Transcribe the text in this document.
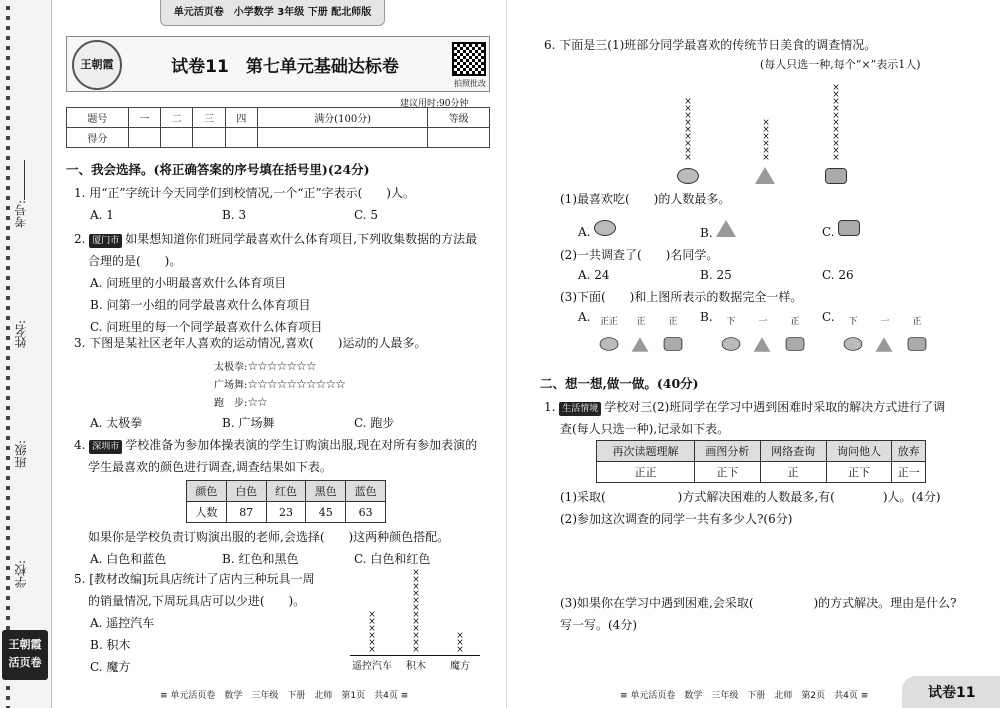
考号:
姓名:
班级:
学校:
王朝霞
活页卷
单元活页卷　小学数学 3年级 下册 配北师版
王朝霞	试卷11　第七单元基础达标卷
拍照批改
建议用时:90分钟
题号	一	二	三	四	满分(100分)	等级
得分						
一、我会选择。(将正确答案的序号填在括号里)(24分)
1. 用“正”字统计今天同学们到校情况,一个“正”字表示(　　)人。
A. 1	B. 3	C. 5
2. 厦门市 如果想知道你们班同学最喜欢什么体育项目,下列收集数据的方法最
合理的是(　　)。
A. 问班里的小明最喜欢什么体育项目
B. 问第一小组的同学最喜欢什么体育项目
C. 问班里的每一个同学最喜欢什么体育项目
3. 下图是某社区老年人喜欢的运动情况,喜欢(　　)运动的人最多。
太极拳:☆☆☆☆☆☆☆
广场舞:☆☆☆☆☆☆☆☆☆☆
跑　步:☆☆
A. 太极拳	B. 广场舞	C. 跑步
4. 深圳市 学校准备为参加体操表演的学生订购演出服,现在对所有参加表演的
学生最喜欢的颜色进行调查,调查结果如下表。
颜色	白色	红色	黑色	蓝色
人数	87	23	45	63
如果你是学校负责订购演出服的老师,会选择(　　)这两种颜色搭配。
A. 白色和蓝色	B. 红色和黑色	C. 白色和红色
5. [教材改编]玩具店统计了店内三种玩具一周
的销量情况,下周玩具店可以少进(　　)。
A. 遥控汽车
B. 积木
C. 魔方
×
×
×
×
×
×

遥控汽车
×
×
×
×
×
×
×
×
×
×
×
×

积木
×
×
×

魔方
≡ 单元活页卷　数学　三年级　下册　北师　第1页　共4页 ≡
6. 下面是三(1)班部分同学最喜欢的传统节日美食的调查情况。
(每人只选一种,每个“×”表示1人)
×
×
×
×
×
×
×
×
×

×
×
×
×
×
×

×
×
×
×
×
×
×
×
×
×
×

(1)最喜欢吃(　　)的人数最多。
A.	B.	C.
(2)一共调查了(　　)名同学。
A. 24	B. 25	C. 26
(3)下面(　　)和上图所表示的数据完全一样。
A.	正正	正	正	B.	下	一	正	C.	下	一	正
二、想一想,做一做。(40分)
1. 生活情境 学校对三(2)班同学在学习中遇到困难时采取的解决方式进行了调
查(每人只选一种),记录如下表。
再次读题理解	画图分析	网络查询	询问他人	放弃
正正	正下	正	正下	正一
(1)采取(　　　　　　)方式解决困难的人数最多,有(　　　　)人。(4分)
(2)参加这次调查的同学一共有多少人?(6分)
(3)如果你在学习中遇到困难,会采取(　　　　　)的方式解决。理由是什么?
写一写。(4分)
≡ 单元活页卷　数学　三年级　下册　北师　第2页　共4页 ≡	试卷11
